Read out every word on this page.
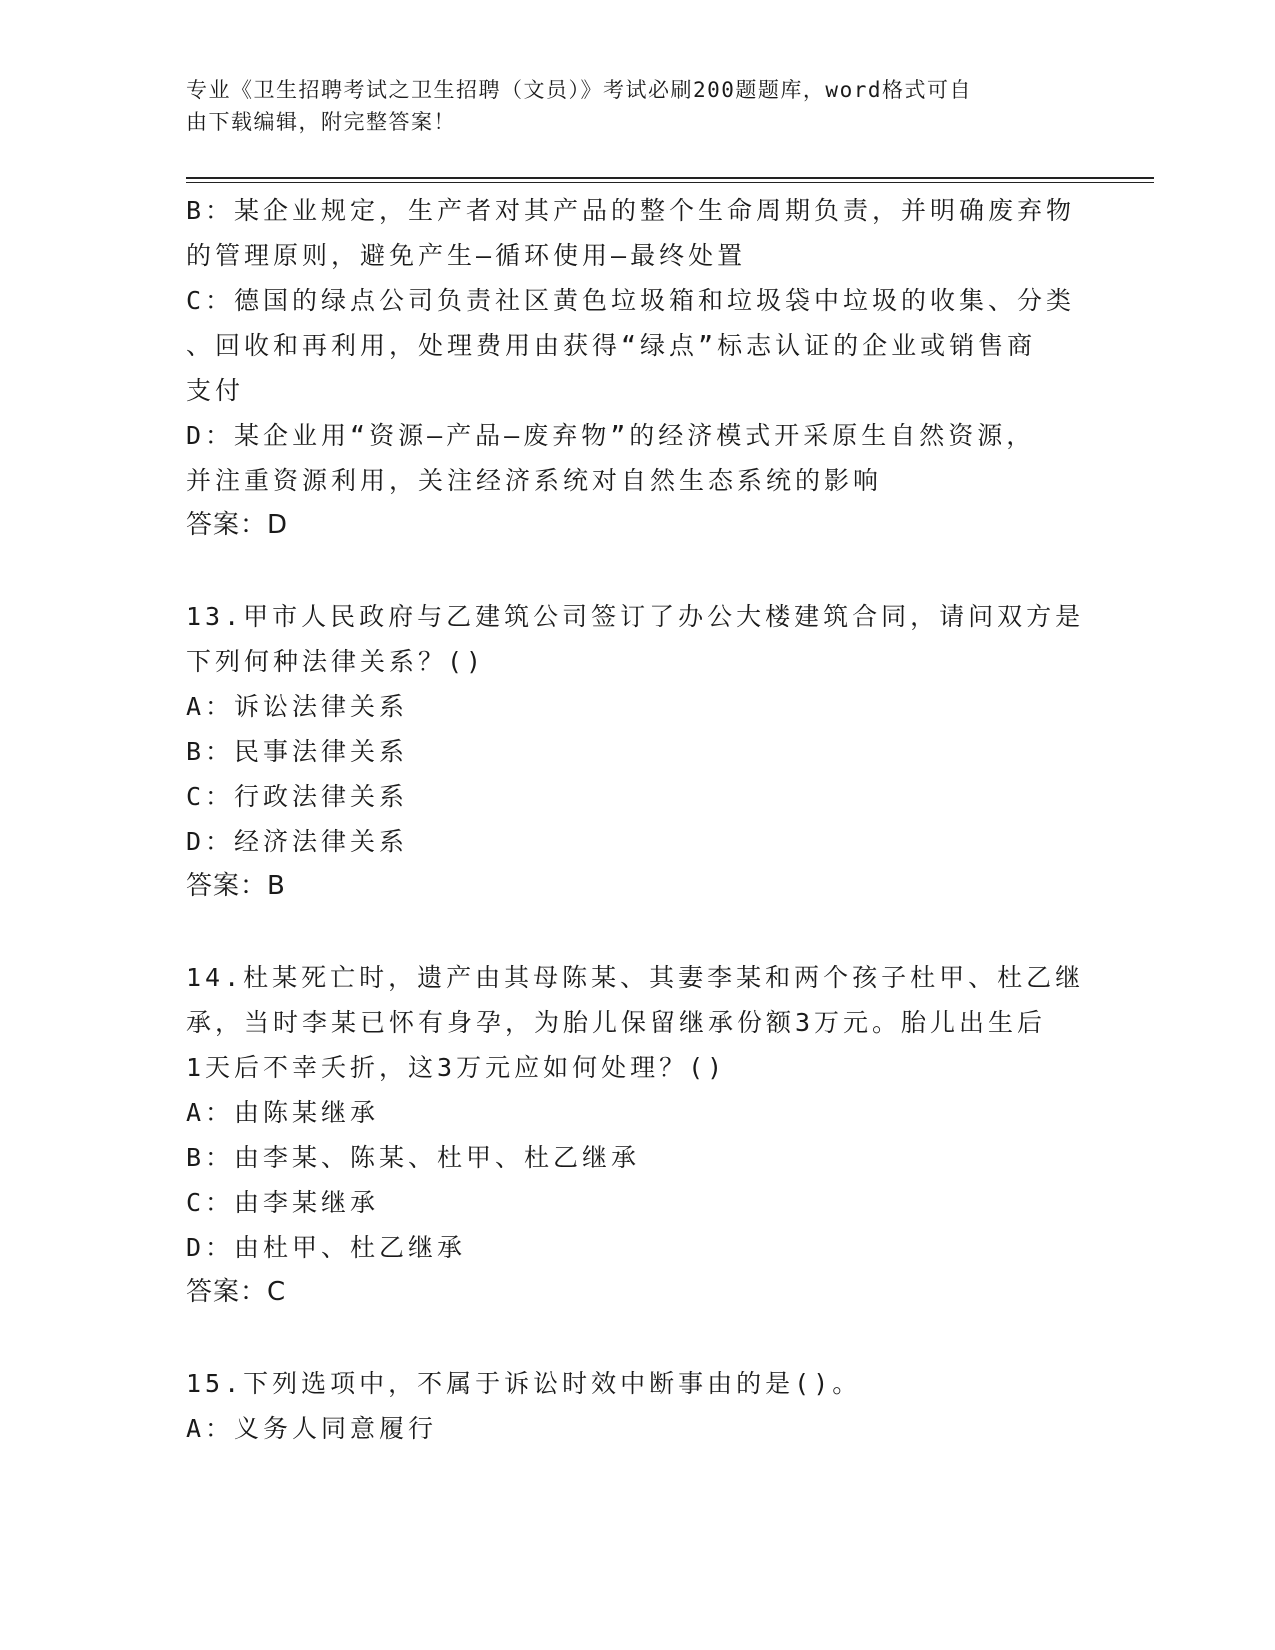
专业《卫生招聘考试之卫生招聘（文员）》考试必刷200题题库，word格式可自
由下载编辑，附完整答案！
B：某企业规定，生产者对其产品的整个生命周期负责，并明确废弃物
的管理原则，避免产生—循环使用—最终处置
C：德国的绿点公司负责社区黄色垃圾箱和垃圾袋中垃圾的收集、分类
、回收和再利用，处理费用由获得“绿点”标志认证的企业或销售商
支付
D：某企业用“资源—产品—废弃物”的经济模式开采原生自然资源，
并注重资源利用，关注经济系统对自然生态系统的影响
答案：D
13.甲市人民政府与乙建筑公司签订了办公大楼建筑合同，请问双方是
下列何种法律关系？()
A：诉讼法律关系
B：民事法律关系
C：行政法律关系
D：经济法律关系
答案：B
14.杜某死亡时，遗产由其母陈某、其妻李某和两个孩子杜甲、杜乙继
承，当时李某已怀有身孕，为胎儿保留继承份额3万元。胎儿出生后
1天后不幸夭折，这3万元应如何处理？()
A：由陈某继承
B：由李某、陈某、杜甲、杜乙继承
C：由李某继承
D：由杜甲、杜乙继承
答案：C
15.下列选项中，不属于诉讼时效中断事由的是()。
A：义务人同意履行
